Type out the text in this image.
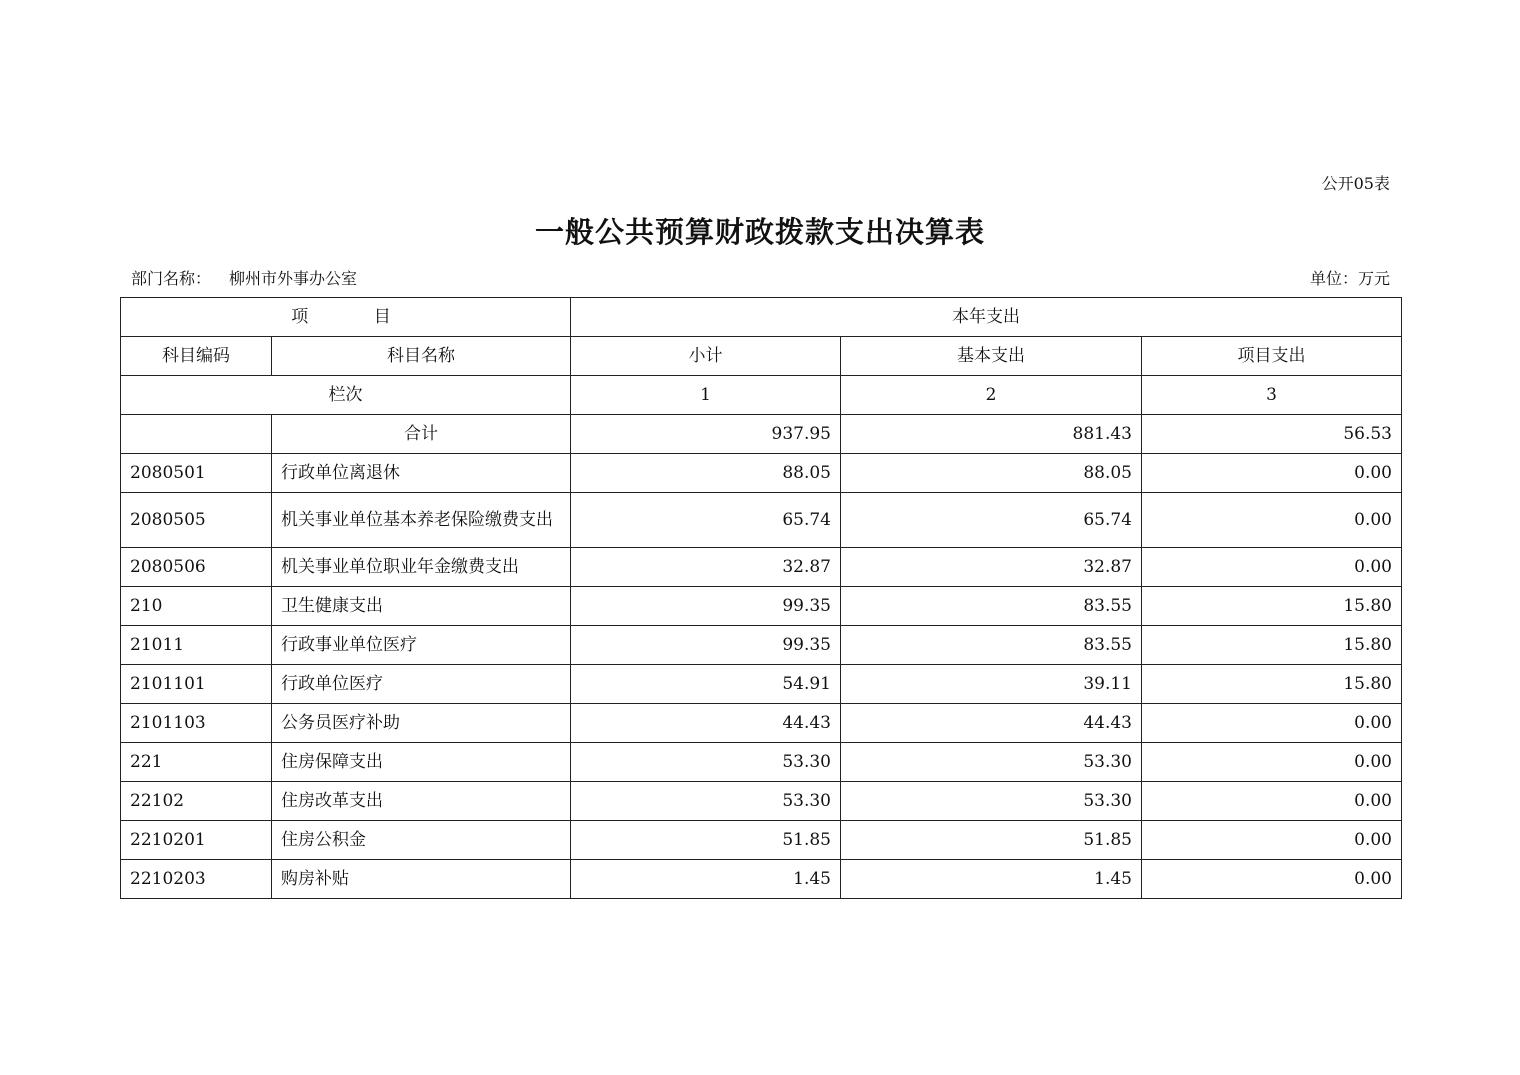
公开05表
一般公共预算财政拨款支出决算表
部门名称： 柳州市外事办公室	单位：万元
项 目		本年支出		
科目编码	科目名称	小计	基本支出	项目支出
栏次		1	2	3
	合计	937.95	881.43	56.53
2080501	行政单位离退休	88.05	88.05	0.00
2080505	机关事业单位基本养老保险缴费支出	65.74	65.74	0.00
2080506	机关事业单位职业年金缴费支出	32.87	32.87	0.00
210	卫生健康支出	99.35	83.55	15.80
21011	行政事业单位医疗	99.35	83.55	15.80
2101101	行政单位医疗	54.91	39.11	15.80
2101103	公务员医疗补助	44.43	44.43	0.00
221	住房保障支出	53.30	53.30	0.00
22102	住房改革支出	53.30	53.30	0.00
2210201	住房公积金	51.85	51.85	0.00
2210203	购房补贴	1.45	1.45	0.00
